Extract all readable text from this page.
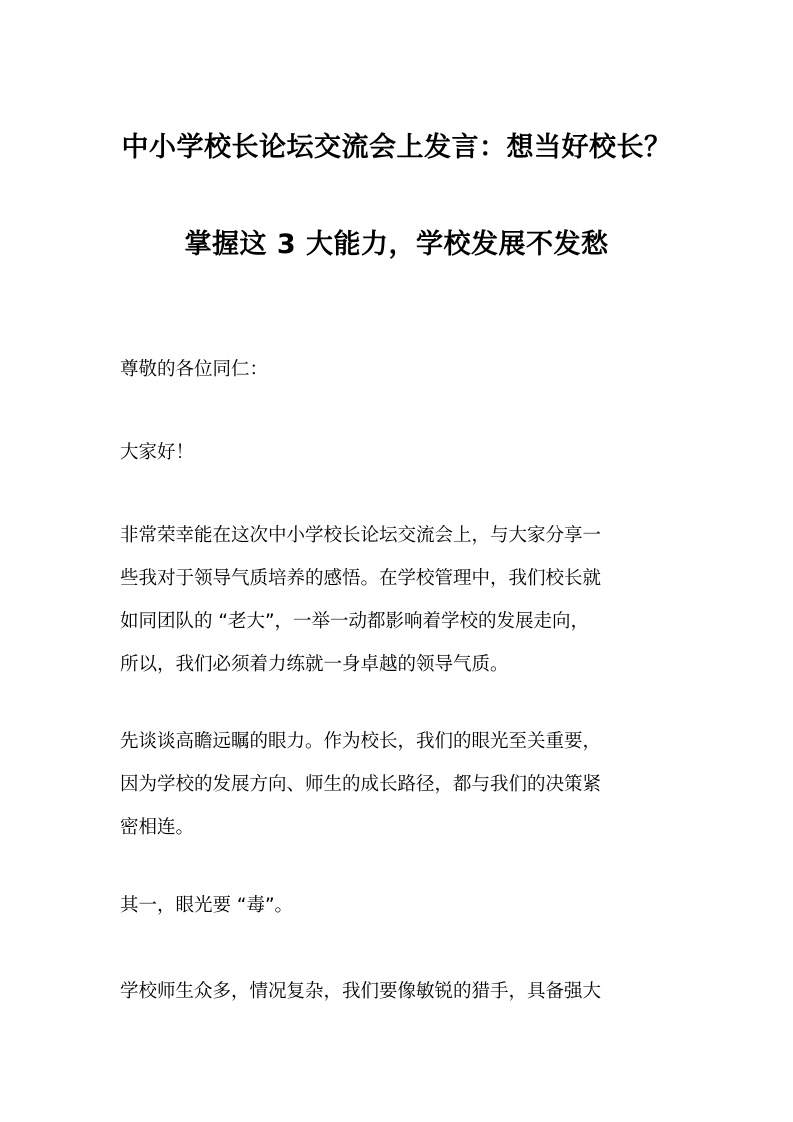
中小学校长论坛交流会上发言：想当好校长？
掌握这 3 大能力，学校发展不发愁

尊敬的各位同仁：

大家好！

非常荣幸能在这次中小学校长论坛交流会上，与大家分享一
些我对于领导气质培养的感悟。在学校管理中，我们校长就
如同团队的 “老大”，一举一动都影响着学校的发展走向，
所以，我们必须着力练就一身卓越的领导气质。

先谈谈高瞻远瞩的眼力。作为校长，我们的眼光至关重要，
因为学校的发展方向、师生的成长路径，都与我们的决策紧
密相连。

其一，眼光要 “毒”。

学校师生众多，情况复杂，我们要像敏锐的猎手，具备强大
